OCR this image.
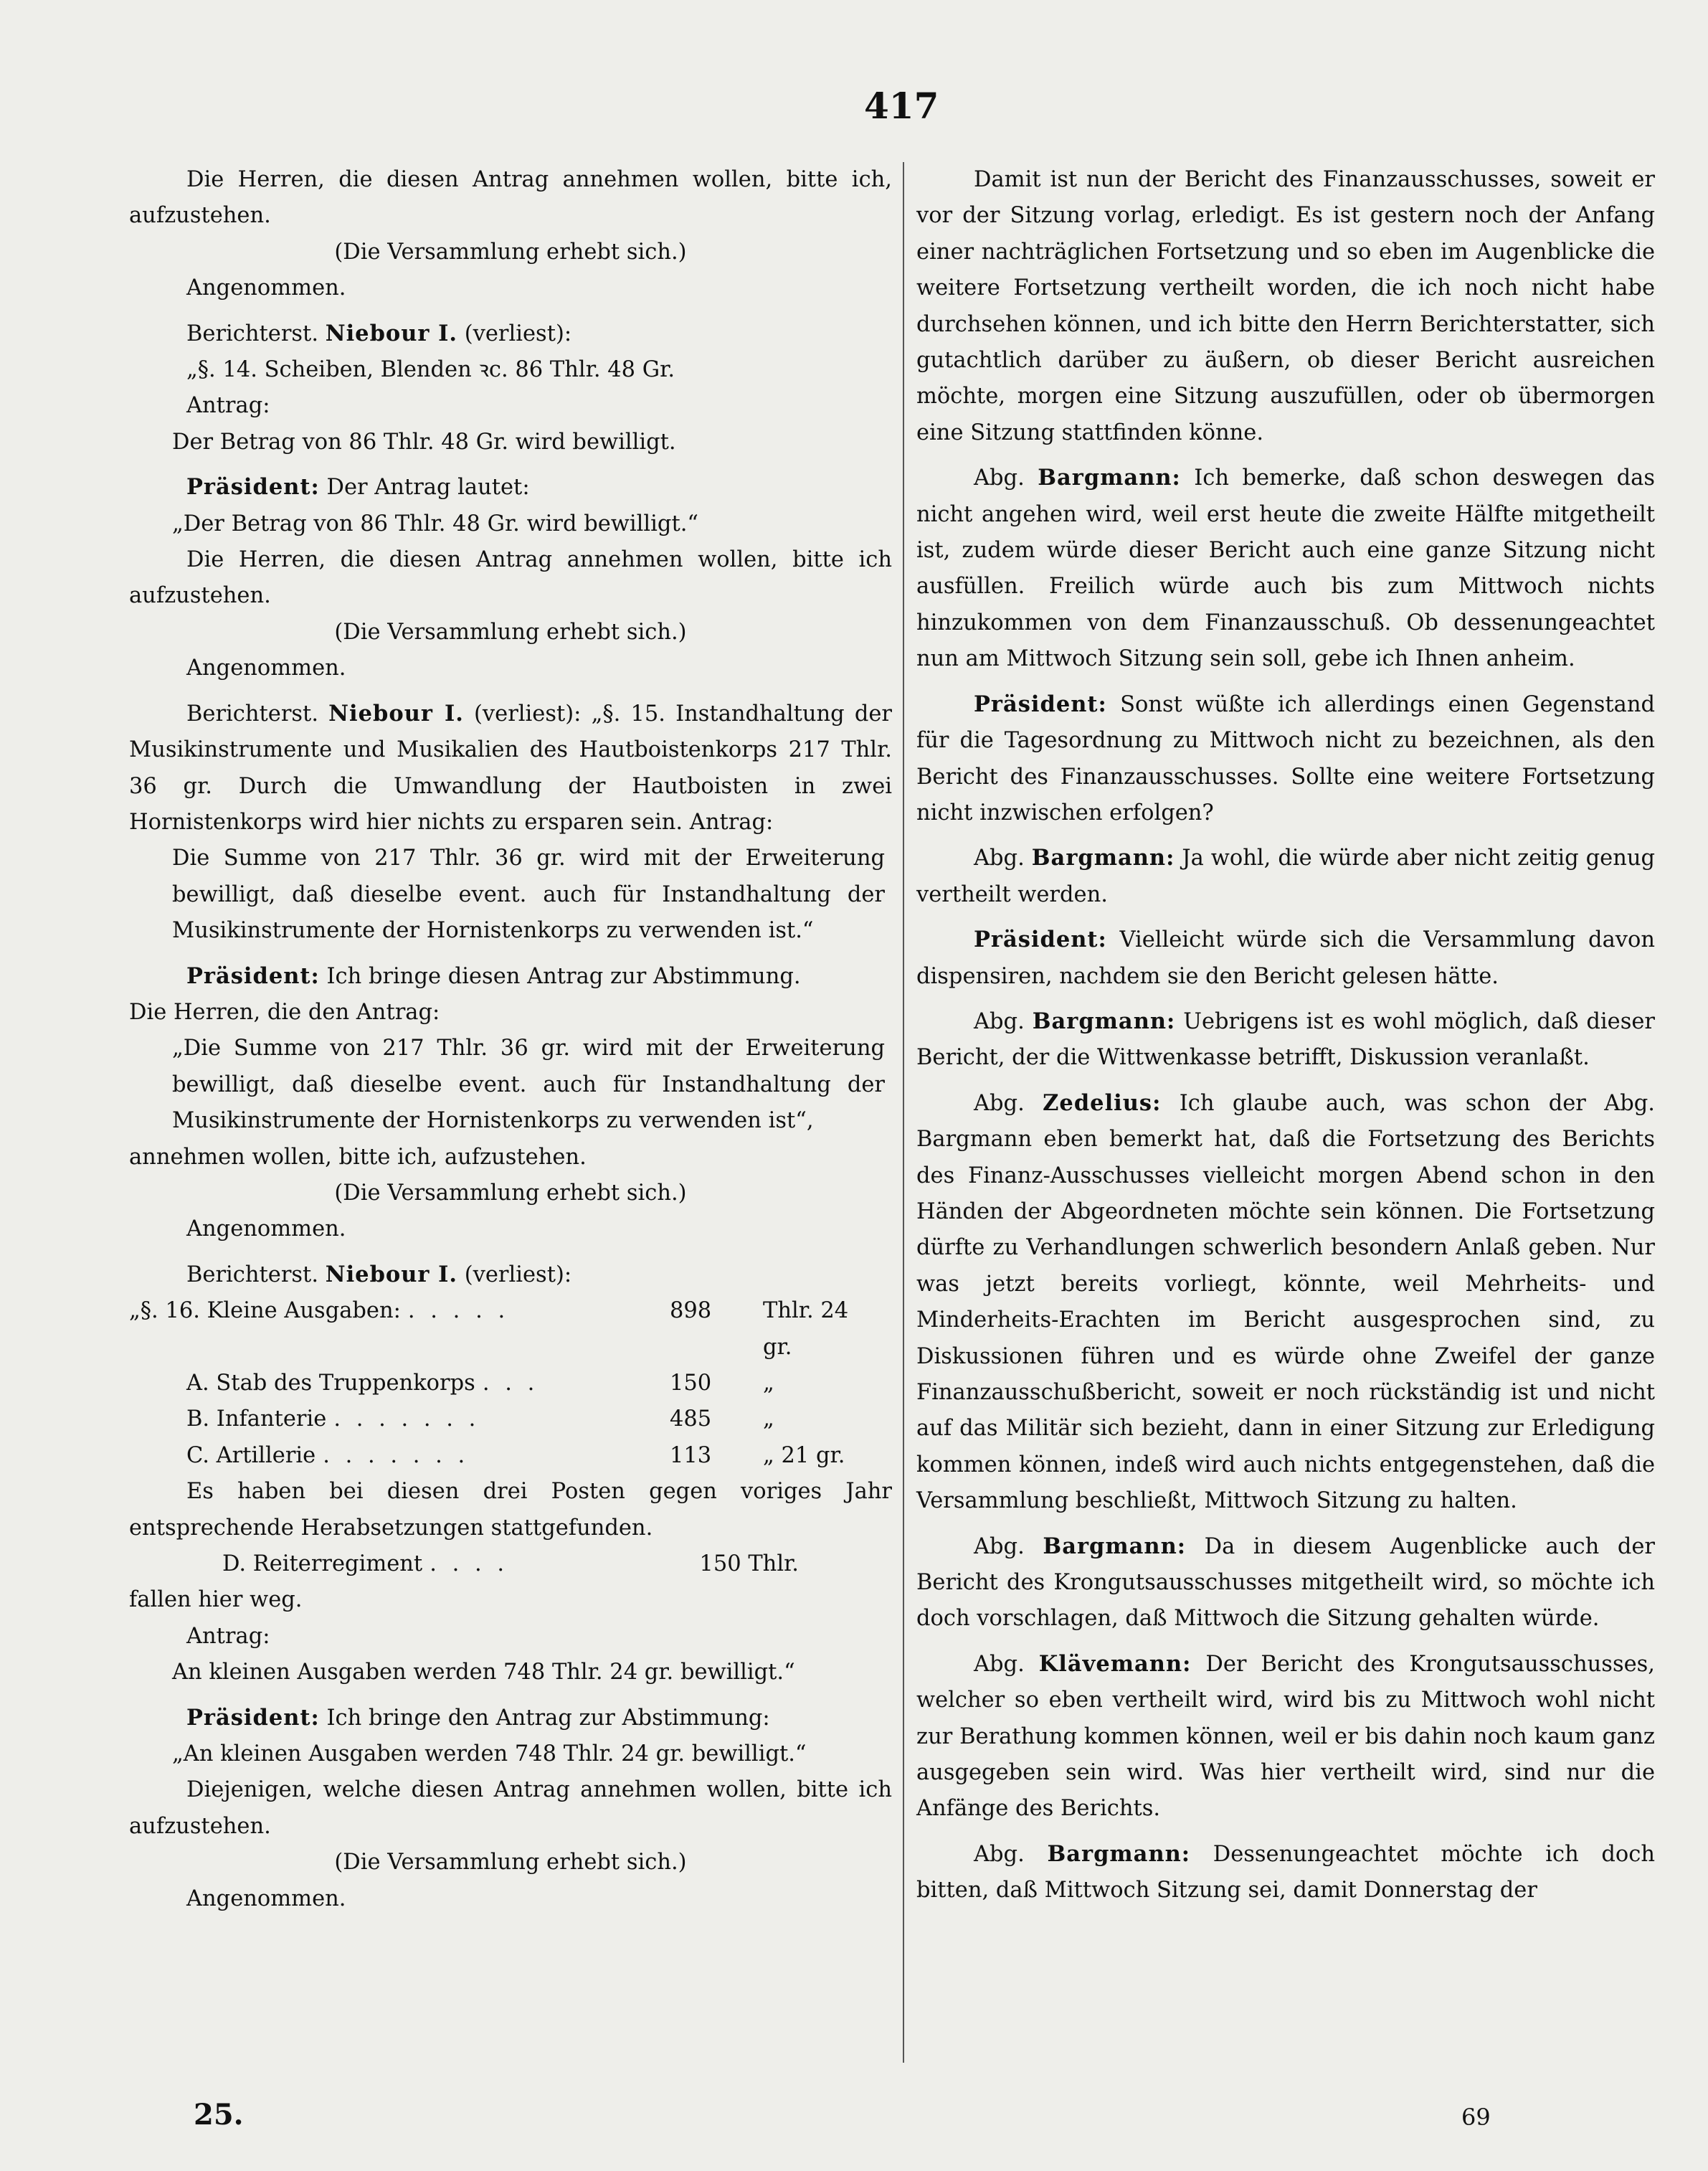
417

Die Herren, die diesen Antrag annehmen wollen, bitte ich, aufzustehen.

(Die Versammlung erhebt sich.)

Angenommen.

Berichterst. Niebour I. (verliest):

„§. 14. Scheiben, Blenden ꝛc. 86 Thlr. 48 Gr.

Antrag:

Der Betrag von 86 Thlr. 48 Gr. wird bewilligt.

Präsident: Der Antrag lautet:

„Der Betrag von 86 Thlr. 48 Gr. wird bewilligt.“

Die Herren, die diesen Antrag annehmen wollen, bitte ich aufzustehen.

(Die Versammlung erhebt sich.)

Angenommen.

Berichterst. Niebour I. (verliest): „§. 15. Instandhaltung der Musikinstrumente und Musikalien des Hautboistenkorps 217 Thlr. 36 gr. Durch die Umwandlung der Hautboisten in zwei Hornistenkorps wird hier nichts zu ersparen sein. Antrag:

Die Summe von 217 Thlr. 36 gr. wird mit der Erweiterung bewilligt, daß dieselbe event. auch für Instandhaltung der Musikinstrumente der Hornistenkorps zu verwenden ist.“

Präsident: Ich bringe diesen Antrag zur Abstimmung.

Die Herren, die den Antrag:

„Die Summe von 217 Thlr. 36 gr. wird mit der Erweiterung bewilligt, daß dieselbe event. auch für Instandhaltung der Musikinstrumente der Hornistenkorps zu verwenden ist“,

annehmen wollen, bitte ich, aufzustehen.

(Die Versammlung erhebt sich.)

Angenommen.

Berichterst. Niebour I. (verliest):

„§. 16. Kleine Ausgaben: . . . . .	898	Thlr. 24 gr.
A. Stab des Truppenkorps . . .	150	„
B. Infanterie . . . . . . .	485	„
C. Artillerie . . . . . . .	113	„ 21 gr.

Es haben bei diesen drei Posten gegen voriges Jahr entsprechende Herabsetzungen stattgefunden.

D. Reiterregiment . . . .	150 Thlr.

fallen hier weg.

Antrag:

An kleinen Ausgaben werden 748 Thlr. 24 gr. bewilligt.“

Präsident: Ich bringe den Antrag zur Abstimmung:

„An kleinen Ausgaben werden 748 Thlr. 24 gr. bewilligt.“

Diejenigen, welche diesen Antrag annehmen wollen, bitte ich aufzustehen.

(Die Versammlung erhebt sich.)

Angenommen.

Damit ist nun der Bericht des Finanzausschusses, soweit er vor der Sitzung vorlag, erledigt. Es ist gestern noch der Anfang einer nachträglichen Fortsetzung und so eben im Augenblicke die weitere Fortsetzung vertheilt worden, die ich noch nicht habe durchsehen können, und ich bitte den Herrn Berichterstatter, sich gutachtlich darüber zu äußern, ob dieser Bericht ausreichen möchte, morgen eine Sitzung auszufüllen, oder ob übermorgen eine Sitzung stattfinden könne.

Abg. Bargmann: Ich bemerke, daß schon deswegen das nicht angehen wird, weil erst heute die zweite Hälfte mitgetheilt ist, zudem würde dieser Bericht auch eine ganze Sitzung nicht ausfüllen. Freilich würde auch bis zum Mittwoch nichts hinzukommen von dem Finanzausschuß. Ob dessenungeachtet nun am Mittwoch Sitzung sein soll, gebe ich Ihnen anheim.

Präsident: Sonst wüßte ich allerdings einen Gegenstand für die Tagesordnung zu Mittwoch nicht zu bezeichnen, als den Bericht des Finanzausschusses. Sollte eine weitere Fortsetzung nicht inzwischen erfolgen?

Abg. Bargmann: Ja wohl, die würde aber nicht zeitig genug vertheilt werden.

Präsident: Vielleicht würde sich die Versammlung davon dispensiren, nachdem sie den Bericht gelesen hätte.

Abg. Bargmann: Uebrigens ist es wohl möglich, daß dieser Bericht, der die Wittwenkasse betrifft, Diskussion veranlaßt.

Abg. Zedelius: Ich glaube auch, was schon der Abg. Bargmann eben bemerkt hat, daß die Fortsetzung des Berichts des Finanz-Ausschusses vielleicht morgen Abend schon in den Händen der Abgeordneten möchte sein können. Die Fortsetzung dürfte zu Verhandlungen schwerlich besondern Anlaß geben. Nur was jetzt bereits vorliegt, könnte, weil Mehrheits- und Minderheits-Erachten im Bericht ausgesprochen sind, zu Diskussionen führen und es würde ohne Zweifel der ganze Finanzausschußbericht, soweit er noch rückständig ist und nicht auf das Militär sich bezieht, dann in einer Sitzung zur Erledigung kommen können, indeß wird auch nichts entgegenstehen, daß die Versammlung beschließt, Mittwoch Sitzung zu halten.

Abg. Bargmann: Da in diesem Augenblicke auch der Bericht des Krongutsausschusses mitgetheilt wird, so möchte ich doch vorschlagen, daß Mittwoch die Sitzung gehalten würde.

Abg. Klävemann: Der Bericht des Krongutsausschusses, welcher so eben vertheilt wird, wird bis zu Mittwoch wohl nicht zur Berathung kommen können, weil er bis dahin noch kaum ganz ausgegeben sein wird. Was hier vertheilt wird, sind nur die Anfänge des Berichts.

Abg. Bargmann: Dessenungeachtet möchte ich doch bitten, daß Mittwoch Sitzung sei, damit Donnerstag der

25.	69
